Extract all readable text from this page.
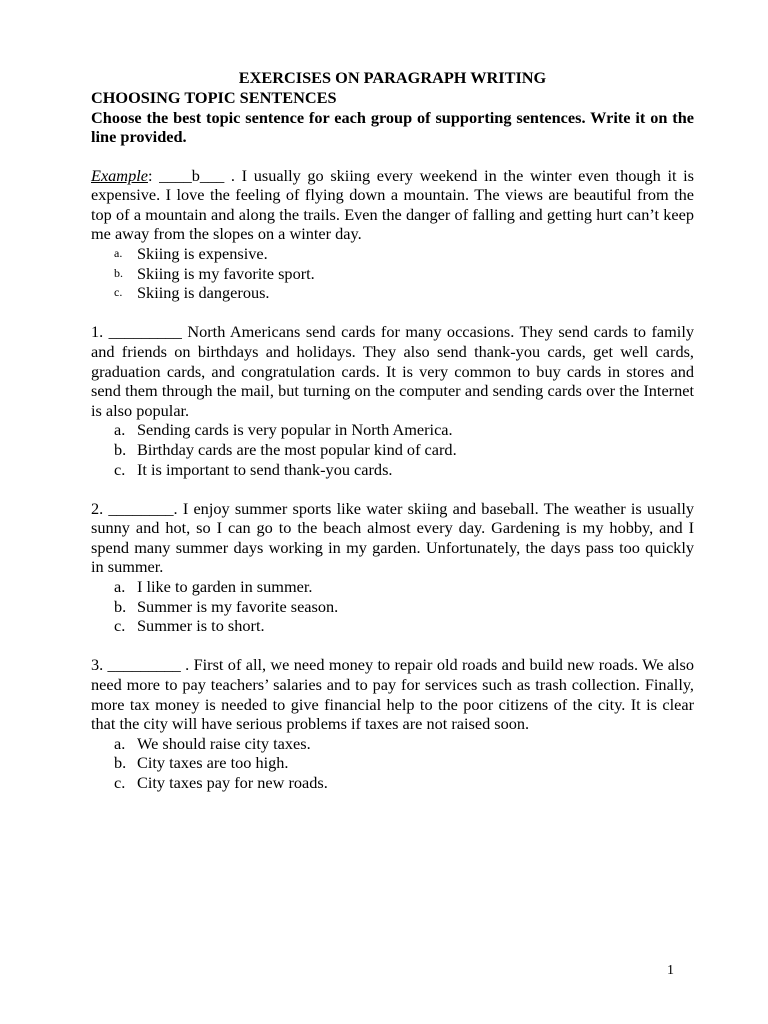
EXERCISES ON PARAGRAPH WRITING

CHOOSING TOPIC SENTENCES

Choose the best topic sentence for each group of supporting sentences. Write it on the line provided.

Example: ____b___ . I usually go skiing every weekend in the winter even though it is expensive. I love the feeling of flying down a mountain. The views are beautiful from the top of a mountain and along the trails. Even the danger of falling and getting hurt can’t keep me away from the slopes on a winter day.

a. Skiing is expensive.
b. Skiing is my favorite sport.
c. Skiing is dangerous.

1. _________ North Americans send cards for many occasions. They send cards to family and friends on birthdays and holidays. They also send thank-you cards, get well cards, graduation cards, and congratulation cards. It is very common to buy cards in stores and send them through the mail, but turning on the computer and sending cards over the Internet is also popular.

a. Sending cards is very popular in North America.
b. Birthday cards are the most popular kind of card.
c. It is important to send thank-you cards.

2. ________. I enjoy summer sports like water skiing and baseball. The weather is usually sunny and hot, so I can go to the beach almost every day. Gardening is my hobby, and I spend many summer days working in my garden. Unfortunately, the days pass too quickly in summer.

a. I like to garden in summer.
b. Summer is my favorite season.
c. Summer is to short.

3. _________ . First of all, we need money to repair old roads and build new roads. We also need more to pay teachers’ salaries and to pay for services such as trash collection. Finally, more tax money is needed to give financial help to the poor citizens of the city. It is clear that the city will have serious problems if taxes are not raised soon.

a. We should raise city taxes.
b. City taxes are too high.
c. City taxes pay for new roads.
1
